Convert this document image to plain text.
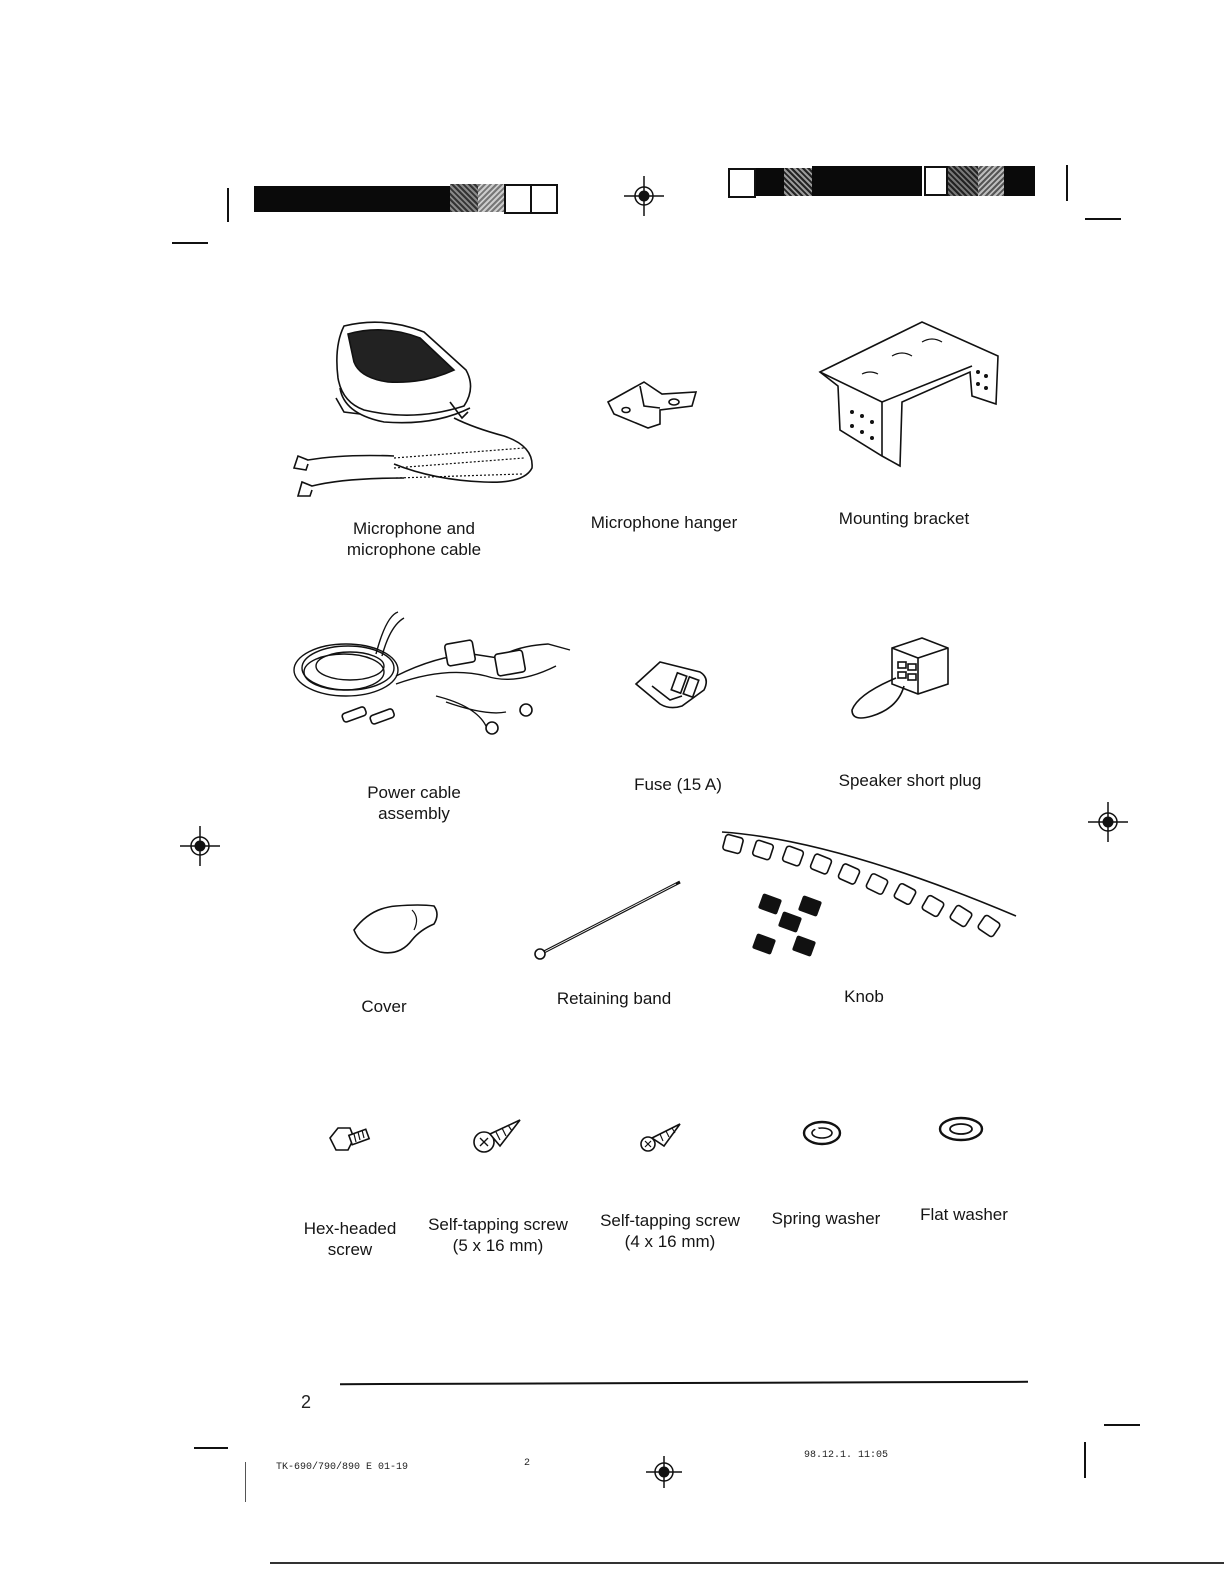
Microphone and
microphone cable
Microphone hanger	Mounting bracket
Power cable
assembly
Fuse (15 A)	Speaker short plug
Cover	Retaining band	Knob
Hex-headed
screw
Self-tapping screw
(5 x 16 mm)
Self-tapping screw
(4 x 16 mm)
Spring washer	Flat washer
2
TK-690/790/890 E 01-19	2
98.12.1. 11:05
